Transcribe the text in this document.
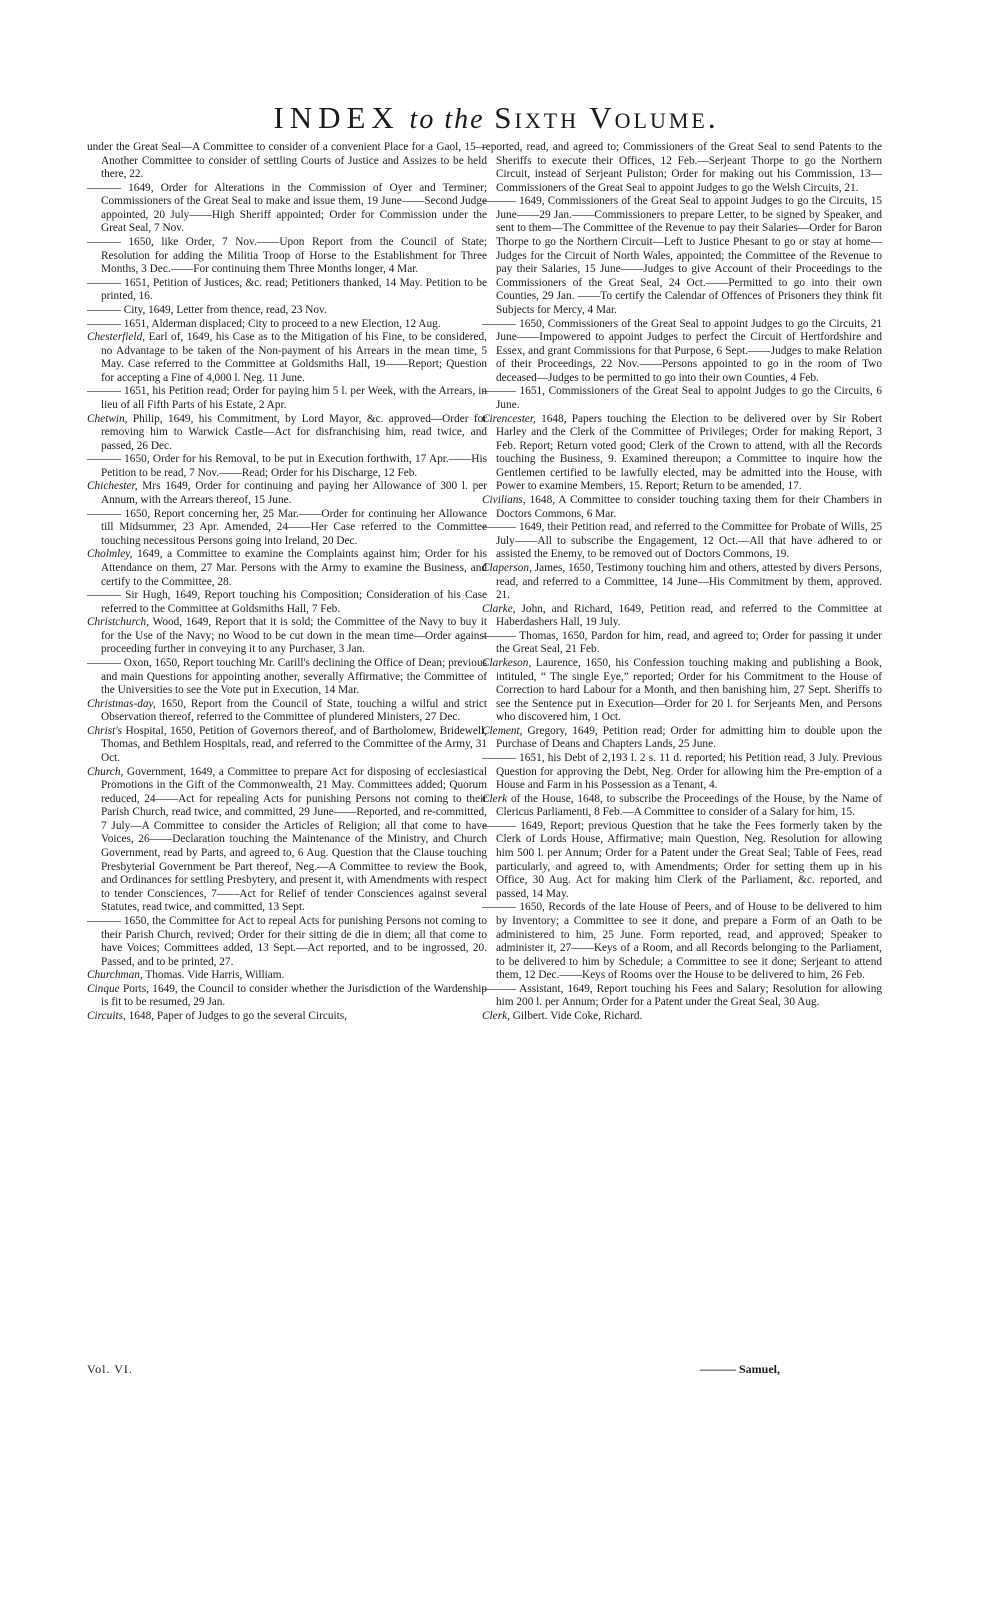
INDEX to the Sixth Volume.

under the Great Seal—A Committee to consider of a convenient Place for a Gaol, 15—Another Committee to consider of settling Courts of Justice and Assizes to be held there, 22.

——— 1649, Order for Alterations in the Commission of Oyer and Terminer; Commissioners of the Great Seal to make and issue them, 19 June——Second Judge appointed, 20 July——High Sheriff appointed; Order for Commission under the Great Seal, 7 Nov.

——— 1650, like Order, 7 Nov.——Upon Report from the Council of State; Resolution for adding the Militia Troop of Horse to the Establishment for Three Months, 3 Dec.——For continuing them Three Months longer, 4 Mar.

——— 1651, Petition of Justices, &c. read; Petitioners thanked, 14 May. Petition to be printed, 16.

——— City, 1649, Letter from thence, read, 23 Nov.

——— 1651, Alderman displaced; City to proceed to a new Election, 12 Aug.

Chesterfield, Earl of, 1649, his Case as to the Mitigation of his Fine, to be considered, no Advantage to be taken of the Non-payment of his Arrears in the mean time, 5 May. Case referred to the Committee at Goldsmiths Hall, 19——Report; Question for accepting a Fine of 4,000 l. Neg. 11 June.

——— 1651, his Petition read; Order for paying him 5 l. per Week, with the Arrears, in lieu of all Fifth Parts of his Estate, 2 Apr.

Chetwin, Philip, 1649, his Commitment, by Lord Mayor, &c. approved—Order for removing him to Warwick Castle—Act for disfranchising him, read twice, and passed, 26 Dec.

——— 1650, Order for his Removal, to be put in Execution forthwith, 17 Apr.——His Petition to be read, 7 Nov.——Read; Order for his Discharge, 12 Feb.

Chichester, Mrs 1649, Order for continuing and paying her Allowance of 300 l. per Annum, with the Arrears thereof, 15 June.

——— 1650, Report concerning her, 25 Mar.——Order for continuing her Allowance till Midsummer, 23 Apr. Amended, 24——Her Case referred to the Committee touching necessitous Persons going into Ireland, 20 Dec.

Cholmley, 1649, a Committee to examine the Complaints against him; Order for his Attendance on them, 27 Mar. Persons with the Army to examine the Business, and certify to the Committee, 28.

——— Sir Hugh, 1649, Report touching his Composition; Consideration of his Case referred to the Committee at Goldsmiths Hall, 7 Feb.

Christchurch, Wood, 1649, Report that it is sold; the Committee of the Navy to buy it for the Use of the Navy; no Wood to be cut down in the mean time—Order against proceeding further in conveying it to any Purchaser, 3 Jan.

——— Oxon, 1650, Report touching Mr. Carill's declining the Office of Dean; previous and main Questions for appointing another, severally Affirmative; the Committee of the Universities to see the Vote put in Execution, 14 Mar.

Christmas-day, 1650, Report from the Council of State, touching a wilful and strict Observation thereof, referred to the Committee of plundered Ministers, 27 Dec.

Christ's Hospital, 1650, Petition of Governors thereof, and of Bartholomew, Bridewell, Thomas, and Bethlem Hospitals, read, and referred to the Committee of the Army, 31 Oct.

Church, Government, 1649, a Committee to prepare Act for disposing of ecclesiastical Promotions in the Gift of the Commonwealth, 21 May. Committees added; Quorum reduced, 24——Act for repealing Acts for punishing Persons not coming to their Parish Church, read twice, and committed, 29 June——Reported, and re-committed, 7 July—A Committee to consider the Articles of Religion; all that come to have Voices, 26——Declaration touching the Maintenance of the Ministry, and Church Government, read by Parts, and agreed to, 6 Aug. Question that the Clause touching Presbyterial Government be Part thereof, Neg.—A Committee to review the Book, and Ordinances for settling Presbytery, and present it, with Amendments with respect to tender Consciences, 7——Act for Relief of tender Consciences against several Statutes, read twice, and committed, 13 Sept.

——— 1650, the Committee for Act to repeal Acts for punishing Persons not coming to their Parish Church, revived; Order for their sitting de die in diem; all that come to have Voices; Committees added, 13 Sept.—Act reported, and to be ingrossed, 20. Passed, and to be printed, 27.

Churchman, Thomas. Vide Harris, William.

Cinque Ports, 1649, the Council to consider whether the Jurisdiction of the Wardenship is fit to be resumed, 29 Jan.

Circuits, 1648, Paper of Judges to go the several Circuits,

reported, read, and agreed to; Commissioners of the Great Seal to send Patents to the Sheriffs to execute their Offices, 12 Feb.—Serjeant Thorpe to go the Northern Circuit, instead of Serjeant Puliston; Order for making out his Commission, 13—Commissioners of the Great Seal to appoint Judges to go the Welsh Circuits, 21.

——— 1649, Commissioners of the Great Seal to appoint Judges to go the Circuits, 15 June——29 Jan.——Commissioners to prepare Letter, to be signed by Speaker, and sent to them—The Committee of the Revenue to pay their Salaries—Order for Baron Thorpe to go the Northern Circuit—Left to Justice Phesant to go or stay at home—Judges for the Circuit of North Wales, appointed; the Committee of the Revenue to pay their Salaries, 15 June——Judges to give Account of their Proceedings to the Commissioners of the Great Seal, 24 Oct.——Permitted to go into their own Counties, 29 Jan. ——To certify the Calendar of Offences of Prisoners they think fit Subjects for Mercy, 4 Mar.

——— 1650, Commissioners of the Great Seal to appoint Judges to go the Circuits, 21 June——Impowered to appoint Judges to perfect the Circuit of Hertfordshire and Essex, and grant Commissions for that Purpose, 6 Sept.——Judges to make Relation of their Proceedings, 22 Nov.——Persons appointed to go in the room of Two deceased—Judges to be permitted to go into their own Counties, 4 Feb.

——— 1651, Commissioners of the Great Seal to appoint Judges to go the Circuits, 6 June.

Cirencester, 1648, Papers touching the Election to be delivered over by Sir Robert Harley and the Clerk of the Committee of Privileges; Order for making Report, 3 Feb. Report; Return voted good; Clerk of the Crown to attend, with all the Records touching the Business, 9. Examined thereupon; a Committee to inquire how the Gentlemen certified to be lawfully elected, may be admitted into the House, with Power to examine Members, 15. Report; Return to be amended, 17.

Civilians, 1648, A Committee to consider touching taxing them for their Chambers in Doctors Commons, 6 Mar.

——— 1649, their Petition read, and referred to the Committee for Probate of Wills, 25 July——All to subscribe the Engagement, 12 Oct.—All that have adhered to or assisted the Enemy, to be removed out of Doctors Commons, 19.

Claperson, James, 1650, Testimony touching him and others, attested by divers Persons, read, and referred to a Committee, 14 June—His Commitment by them, approved. 21.

Clarke, John, and Richard, 1649, Petition read, and referred to the Committee at Haberdashers Hall, 19 July.

——— Thomas, 1650, Pardon for him, read, and agreed to; Order for passing it under the Great Seal, 21 Feb.

Clarkeson, Laurence, 1650, his Confession touching making and publishing a Book, intituled, “ The single Eye,” reported; Order for his Commitment to the House of Correction to hard Labour for a Month, and then banishing him, 27 Sept. Sheriffs to see the Sentence put in Execution—Order for 20 l. for Serjeants Men, and Persons who discovered him, 1 Oct.

Clement, Gregory, 1649, Petition read; Order for admitting him to double upon the Purchase of Deans and Chapters Lands, 25 June.

——— 1651, his Debt of 2,193 l. 2 s. 11 d. reported; his Petition read, 3 July. Previous Question for approving the Debt, Neg. Order for allowing him the Pre-emption of a House and Farm in his Possession as a Tenant, 4.

Clerk of the House, 1648, to subscribe the Proceedings of the House, by the Name of Clericus Parliamenti, 8 Feb.—A Committee to consider of a Salary for him, 15.

——— 1649, Report; previous Question that he take the Fees formerly taken by the Clerk of Lords House, Affirmative; main Question, Neg. Resolution for allowing him 500 l. per Annum; Order for a Patent under the Great Seal; Table of Fees, read particularly, and agreed to, with Amendments; Order for setting them up in his Office, 30 Aug. Act for making him Clerk of the Parliament, &c. reported, and passed, 14 May.

——— 1650, Records of the late House of Peers, and of House to be delivered to him by Inventory; a Committee to see it done, and prepare a Form of an Oath to be administered to him, 25 June. Form reported, read, and approved; Speaker to administer it, 27——Keys of a Room, and all Records belonging to the Parliament, to be delivered to him by Schedule; a Committee to see it done; Serjeant to attend them, 12 Dec.——Keys of Rooms over the House to be delivered to him, 26 Feb.

——— Assistant, 1649, Report touching his Fees and Salary; Resolution for allowing him 200 l. per Annum; Order for a Patent under the Great Seal, 30 Aug.

Clerk, Gilbert. Vide Coke, Richard.

Vol. VI.	——— Samuel,
